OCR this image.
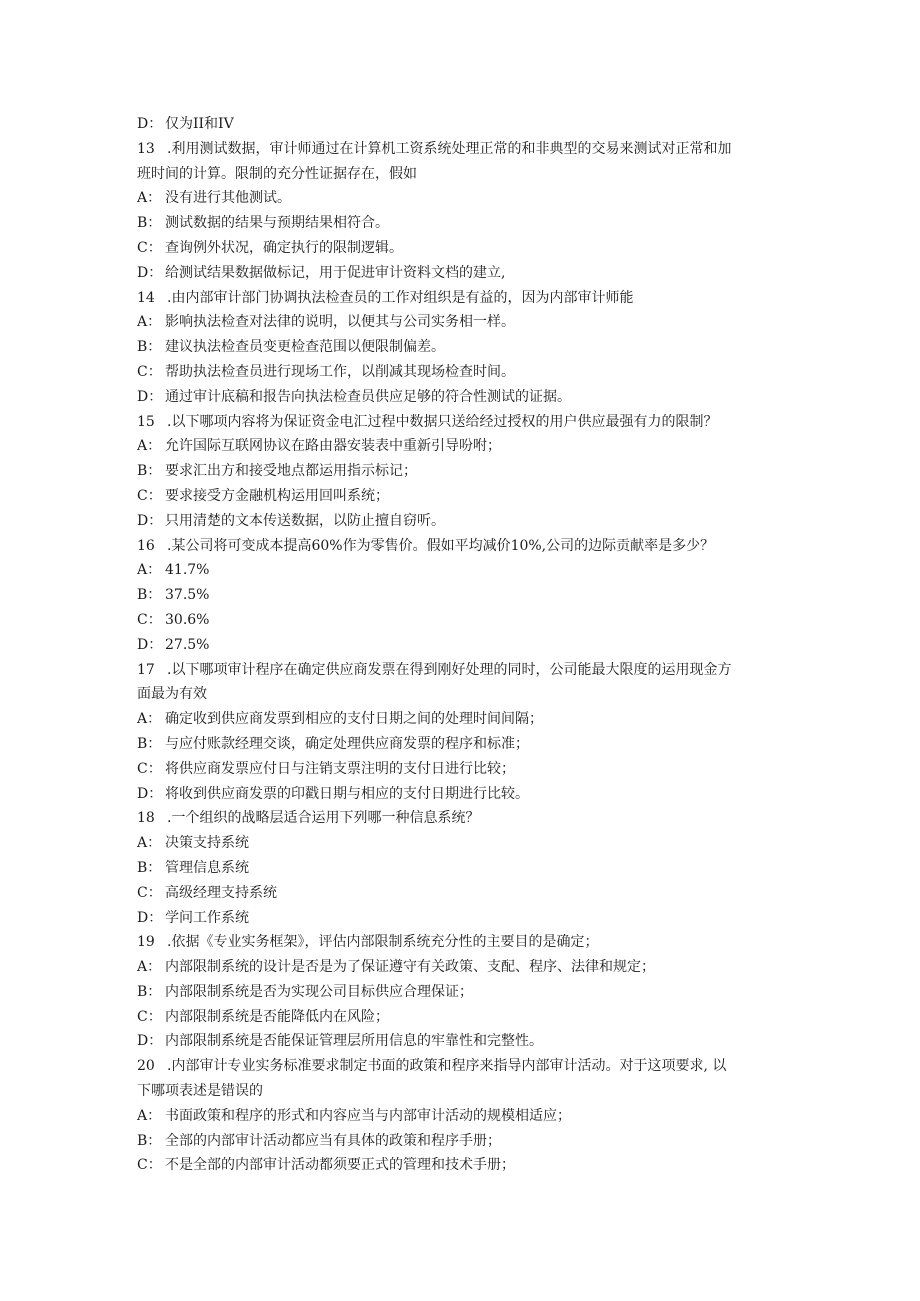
D： 仅为II和IV
13 .利用测试数据，审计师通过在计算机工资系统处理正常的和非典型的交易来测试对正常和加
班时间的计算。限制的充分性证据存在，假如
A： 没有进行其他测试。
B： 测试数据的结果与预期结果相符合。
C： 查询例外状况，确定执行的限制逻辑。
D： 给测试结果数据做标记，用于促进审计资料文档的建立,
14 .由内部审计部门协调执法检查员的工作对组织是有益的，因为内部审计师能
A： 影响执法检查对法律的说明，以便其与公司实务相一样。
B： 建议执法检查员变更检查范围以便限制偏差。
C： 帮助执法检查员进行现场工作，以削减其现场检查时间。
D： 通过审计底稿和报告向执法检查员供应足够的符合性测试的证据。
15 .以下哪项内容将为保证资金电汇过程中数据只送给经过授权的用户供应最强有力的限制？
A： 允许国际互联网协议在路由器安装表中重新引导吩咐；
B： 要求汇出方和接受地点都运用指示标记；
C： 要求接受方金融机构运用回叫系统；
D： 只用清楚的文本传送数据，以防止擅自窃听。
16 .某公司将可变成本提高60%作为零售价。假如平均减价10%,公司的边际贡献率是多少？
A： 41.7%
B： 37.5%
C： 30.6%
D： 27.5%
17 .以下哪项审计程序在确定供应商发票在得到刚好处理的同时，公司能最大限度的运用现金方
面最为有效
A： 确定收到供应商发票到相应的支付日期之间的处理时间间隔；
B： 与应付账款经理交谈，确定处理供应商发票的程序和标准；
C： 将供应商发票应付日与注销支票注明的支付日进行比较；
D： 将收到供应商发票的印戳日期与相应的支付日期进行比较。
18 .一个组织的战略层适合运用下列哪一种信息系统？
A： 决策支持系统
B： 管理信息系统
C： 高级经理支持系统
D： 学问工作系统
19 .依据《专业实务框架》，评估内部限制系统充分性的主要目的是确定；
A： 内部限制系统的设计是否是为了保证遵守有关政策、支配、程序、法律和规定；
B： 内部限制系统是否为实现公司目标供应合理保证；
C： 内部限制系统是否能降低内在风险；
D： 内部限制系统是否能保证管理层所用信息的牢靠性和完整性。
20 .内部审计专业实务标准要求制定书面的政策和程序来指导内部审计活动。对于这项要求, 以
下哪项表述是错误的
A： 书面政策和程序的形式和内容应当与内部审计活动的规模相适应；
B： 全部的内部审计活动都应当有具体的政策和程序手册；
C： 不是全部的内部审计活动都须要正式的管理和技术手册；
